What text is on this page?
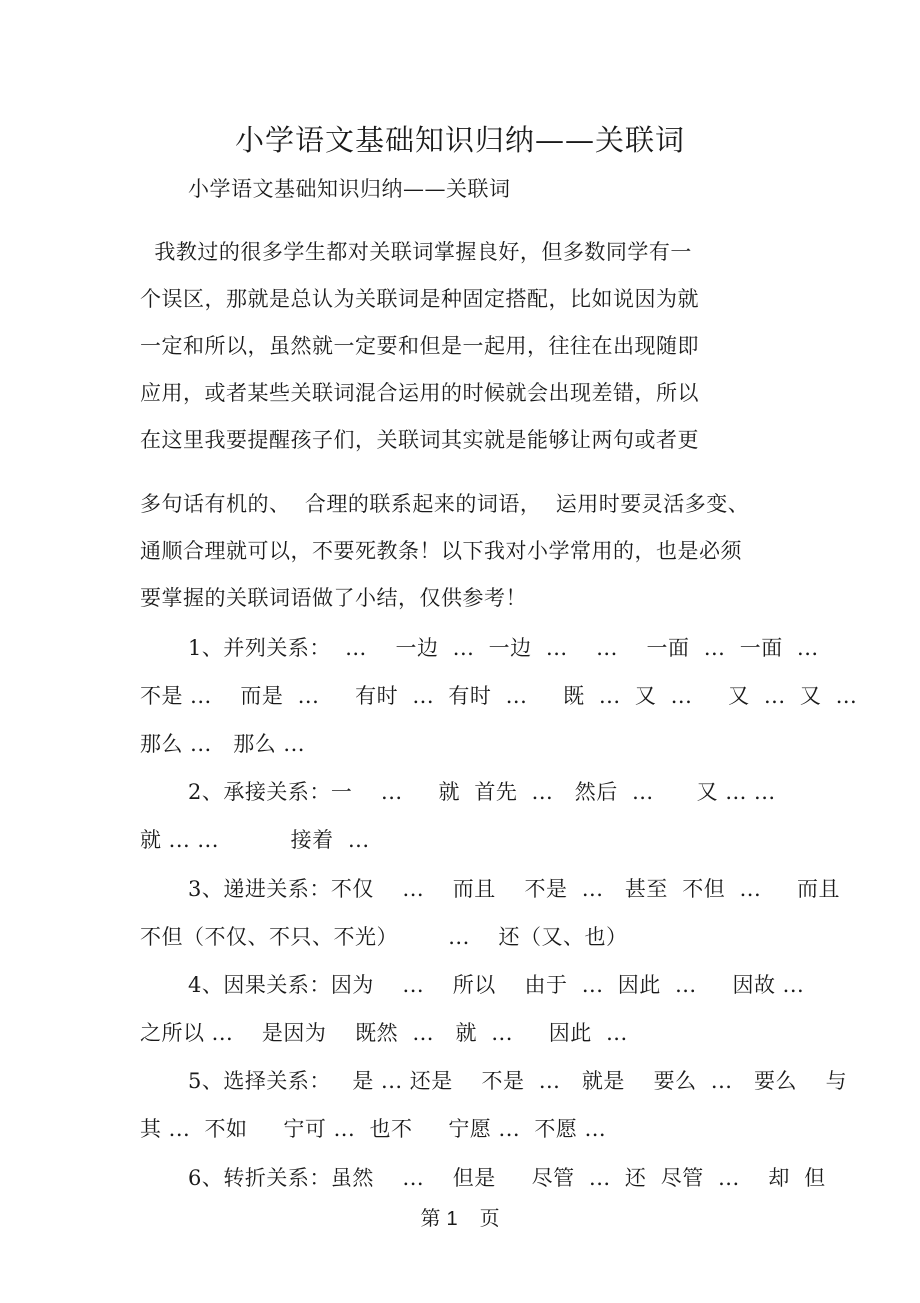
小学语文基础知识归纳——关联词
小学语文基础知识归纳——关联词
我教过的很多学生都对关联词掌握良好，但多数同学有一
个误区，那就是总认为关联词是种固定搭配，比如说因为就
一定和所以，虽然就一定要和但是一起用，往往在出现随即
应用，或者某些关联词混合运用的时候就会出现差错，所以
在这里我要提醒孩子们，关联词其实就是能够让两句或者更
多句话有机的、  合理的联系起来的词语，  运用时要灵活多变、
通顺合理就可以，不要死教条！以下我对小学常用的，也是必须
要掌握的关联词语做了小结，仅供参考！
1、并列关系：  ...    一边  ...  一边  ...    ...    一面  ...  一面  ...
不是 ...    而是  ...     有时  ...  有时  ...     既  ...  又  ...     又  ...  又  ...
那么 ...   那么 ...
2、承接关系：一    ...     就  首先  ...   然后  ...      又 ... ...
就 ... ...          接着  ...
3、递进关系：不仅    ...    而且    不是  ...   甚至  不但  ...     而且
不但（不仅、不只、不光）       ...    还（又、也）
4、因果关系：因为    ...    所以    由于  ...  因此  ...     因故 ...
之所以 ...    是因为    既然  ...   就  ...     因此  ...
5、选择关系：   是 ... 还是    不是  ...   就是    要么  ...   要么    与
其 ...  不如     宁可 ...  也不     宁愿 ...  不愿 ...
6、转折关系：虽然    ...    但是     尽管  ...  还  尽管  ...    却  但
第 1 页
